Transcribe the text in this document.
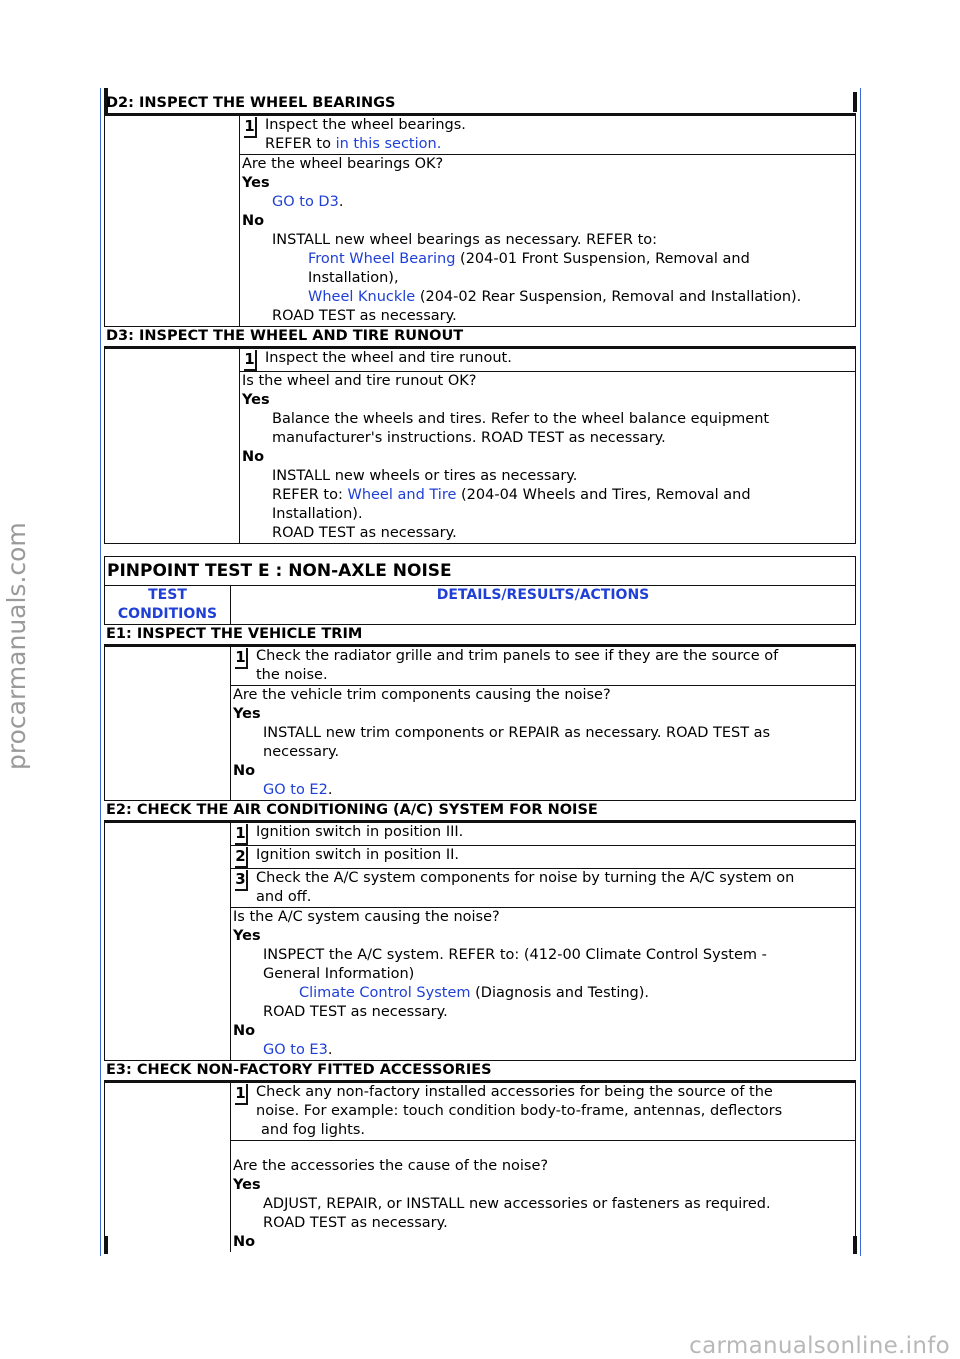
procarmanuals.com
carmanualsonline.info
D2: INSPECT THE WHEEL BEARINGS

1 Inspect the wheel bearings.
REFER to in this section.

Are the wheel bearings OK?
Yes
GO to D3.
No
INSTALL new wheel bearings as necessary. REFER to:
Front Wheel Bearing (204-01 Front Suspension, Removal and
Installation),
Wheel Knuckle (204-02 Rear Suspension, Removal and Installation).
ROAD TEST as necessary.
D3: INSPECT THE WHEEL AND TIRE RUNOUT

1 Inspect the wheel and tire runout.

Is the wheel and tire runout OK?
Yes
Balance the wheels and tires. Refer to the wheel balance equipment
manufacturer's instructions. ROAD TEST as necessary.
No
INSTALL new wheels or tires as necessary.
REFER to: Wheel and Tire (204-04 Wheels and Tires, Removal and
Installation).
ROAD TEST as necessary.
PINPOINT TEST E : NON-AXLE NOISE

TEST
CONDITIONS
	DETAILS/RESULTS/ACTIONS
E1: INSPECT THE VEHICLE TRIM

1 Check the radiator grille and trim panels to see if they are the source of
the noise.

Are the vehicle trim components causing the noise?
Yes
INSTALL new trim components or REPAIR as necessary. ROAD TEST as
necessary.
No
GO to E2.
E2: CHECK THE AIR CONDITIONING (A/C) SYSTEM FOR NOISE

1 Ignition switch in position III.

2 Ignition switch in position II.

3 Check the A/C system components for noise by turning the A/C system on
and off.

Is the A/C system causing the noise?
Yes
INSPECT the A/C system. REFER to: (412-00 Climate Control System -
General Information)
Climate Control System (Diagnosis and Testing).
ROAD TEST as necessary.
No
GO to E3.
E3: CHECK NON-FACTORY FITTED ACCESSORIES

1 Check any non-factory installed accessories for being the source of the
noise. For example: touch condition body-to-frame, antennas, deflectors
and fog lights.

Are the accessories the cause of the noise?
Yes
ADJUST, REPAIR, or INSTALL new accessories or fasteners as required.
ROAD TEST as necessary.
No
